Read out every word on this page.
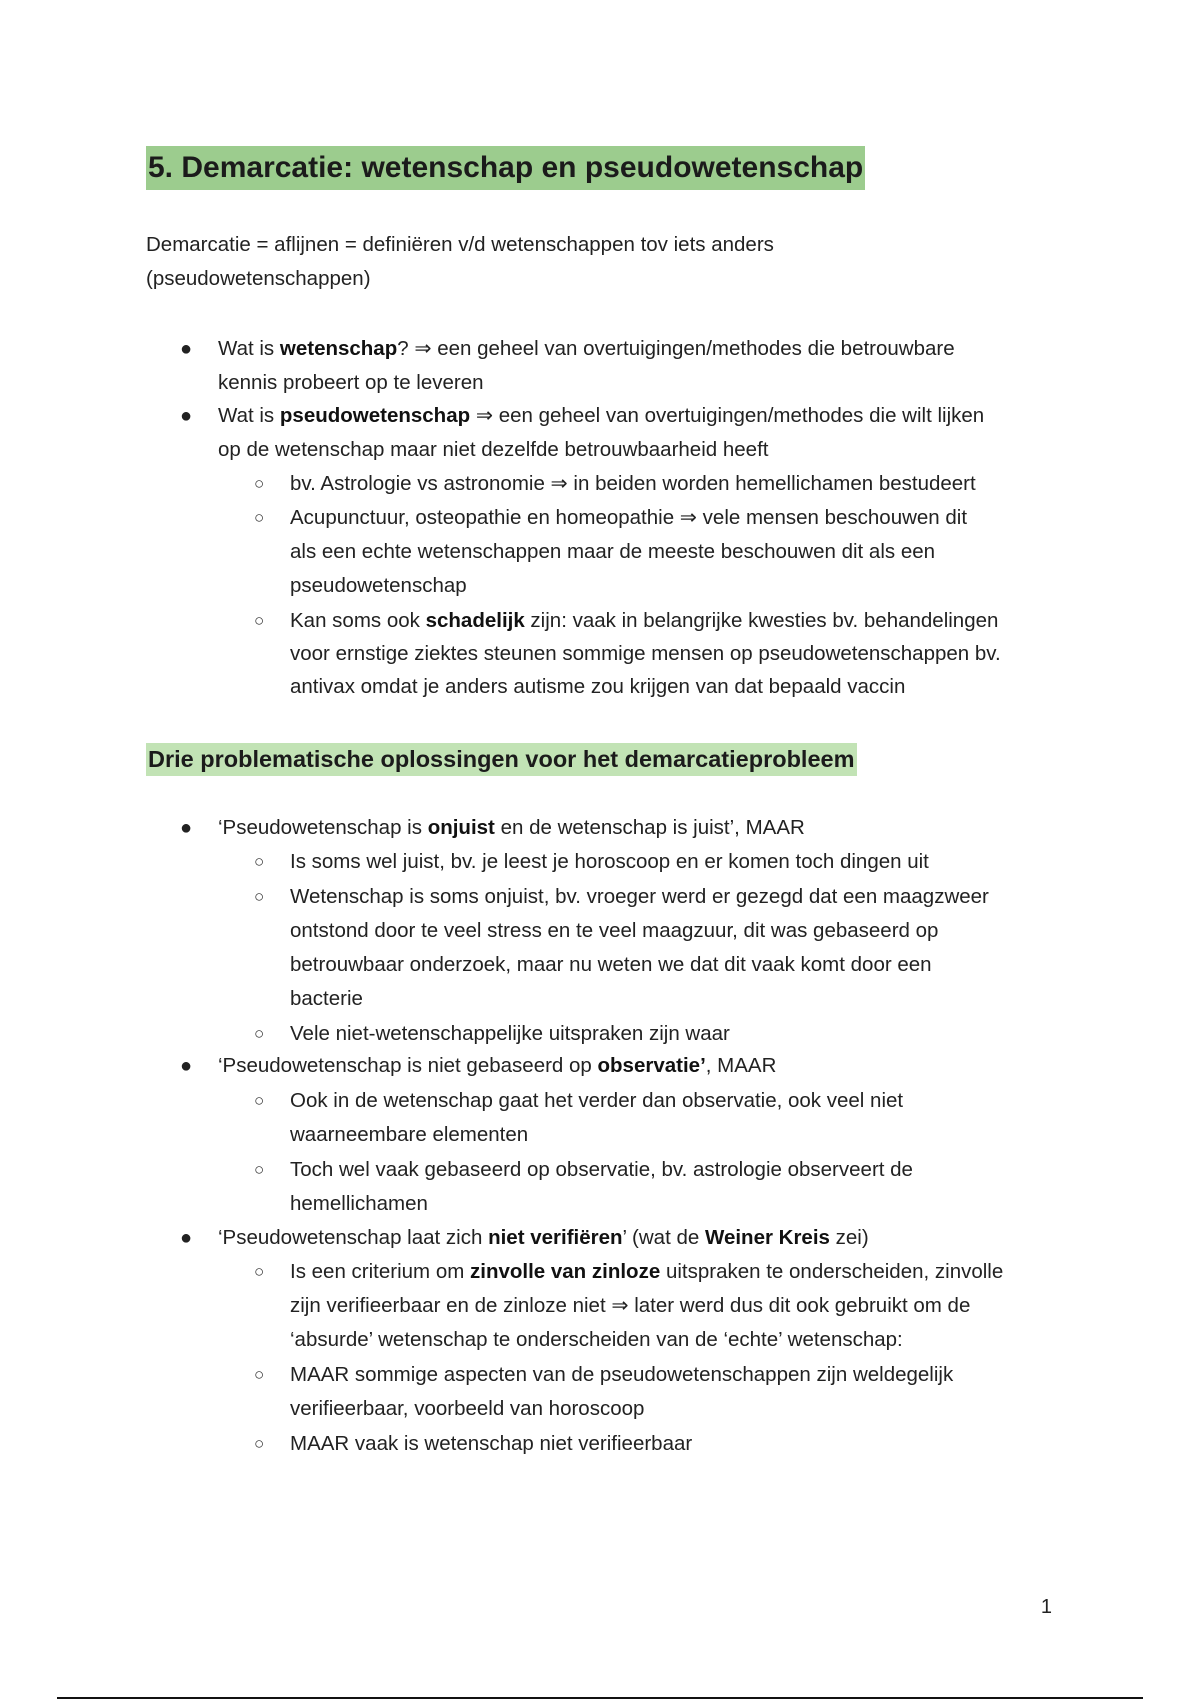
5. Demarcatie: wetenschap en pseudowetenschap

Demarcatie = aflijnen = definiëren v/d wetenschappen tov iets anders
(pseudowetenschappen)

● Wat is wetenschap? ⇒ een geheel van overtuigingen/methodes die betrouwbare
kennis probeert op te leveren
● Wat is pseudowetenschap ⇒ een geheel van overtuigingen/methodes die wilt lijken
op de wetenschap maar niet dezelfde betrouwbaarheid heeft
○ bv. Astrologie vs astronomie ⇒ in beiden worden hemellichamen bestudeert
○ Acupunctuur, osteopathie en homeopathie ⇒ vele mensen beschouwen dit
als een echte wetenschappen maar de meeste beschouwen dit als een
pseudowetenschap
○ Kan soms ook schadelijk zijn: vaak in belangrijke kwesties bv. behandelingen
voor ernstige ziektes steunen sommige mensen op pseudowetenschappen bv.
antivax omdat je anders autisme zou krijgen van dat bepaald vaccin
Drie problematische oplossingen voor het demarcatieprobleem
● ‘Pseudowetenschap is onjuist en de wetenschap is juist’, MAAR
○ Is soms wel juist, bv. je leest je horoscoop en er komen toch dingen uit
○ Wetenschap is soms onjuist, bv. vroeger werd er gezegd dat een maagzweer
ontstond door te veel stress en te veel maagzuur, dit was gebaseerd op
betrouwbaar onderzoek, maar nu weten we dat dit vaak komt door een
bacterie
○ Vele niet-wetenschappelijke uitspraken zijn waar
● ‘Pseudowetenschap is niet gebaseerd op observatie’, MAAR
○ Ook in de wetenschap gaat het verder dan observatie, ook veel niet
waarneembare elementen
○ Toch wel vaak gebaseerd op observatie, bv. astrologie observeert de
hemellichamen
● ‘Pseudowetenschap laat zich niet verifiëren’ (wat de Weiner Kreis zei)
○ Is een criterium om zinvolle van zinloze uitspraken te onderscheiden, zinvolle
zijn verifieerbaar en de zinloze niet ⇒ later werd dus dit ook gebruikt om de
‘absurde’ wetenschap te onderscheiden van de ‘echte’ wetenschap:
○ MAAR sommige aspecten van de pseudowetenschappen zijn weldegelijk
verifieerbaar, voorbeeld van horoscoop
○ MAAR vaak is wetenschap niet verifieerbaar
1
